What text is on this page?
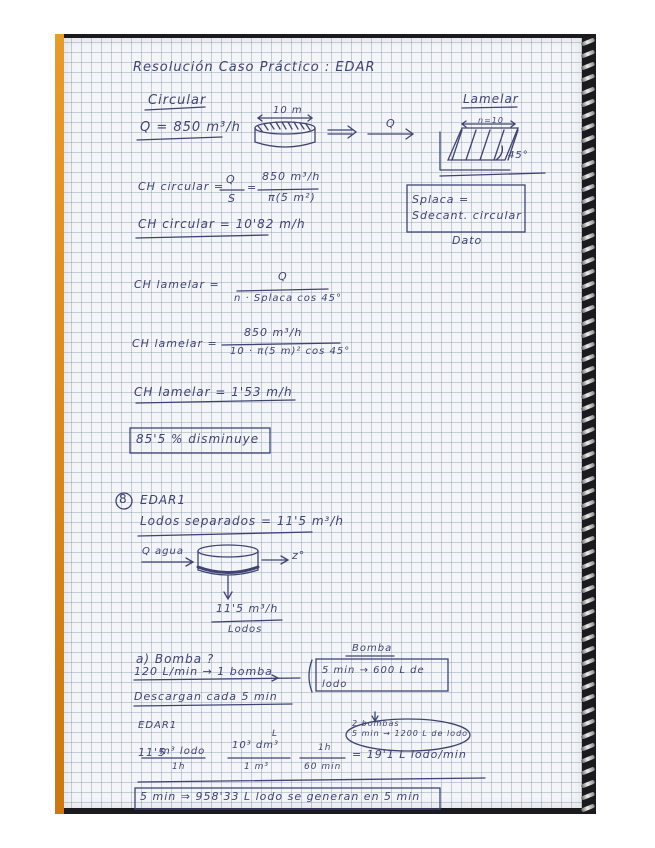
Resolución Caso Práctico : EDAR
Circular	Lamelar
Q = 850 m³/h
10 m
Q	n=10
45°
Splaca = Sdecant. circular
Dato
CH circular =
Q
S
=
850 m³/h
π(5 m²)
CH circular = 10'82 m/h
CH lamelar =
Q
n · Splaca cos 45°
CH lamelar =
850 m³/h
10 · π(5 m)² cos 45°
CH lamelar = 1'53 m/h
85'5 % disminuye
8 EDAR1
Lodos separados = 11'5 m³/h
Q agua	z°
11'5 m³/h
Lodos
Bomba
a) Bomba ?
120 L/min → 1 bomba
Descargan cada 5 min
5 min → 600 L de lodo
EDAR1	2 bombas
5 min → 1200 L de lodo
11'5
m³ lodo
1h
10³ dm³
L
1 m³
1h
60 min
= 19'1 L lodo/min
5 min ⇒ 958'33 L lodo se generan en 5 min
